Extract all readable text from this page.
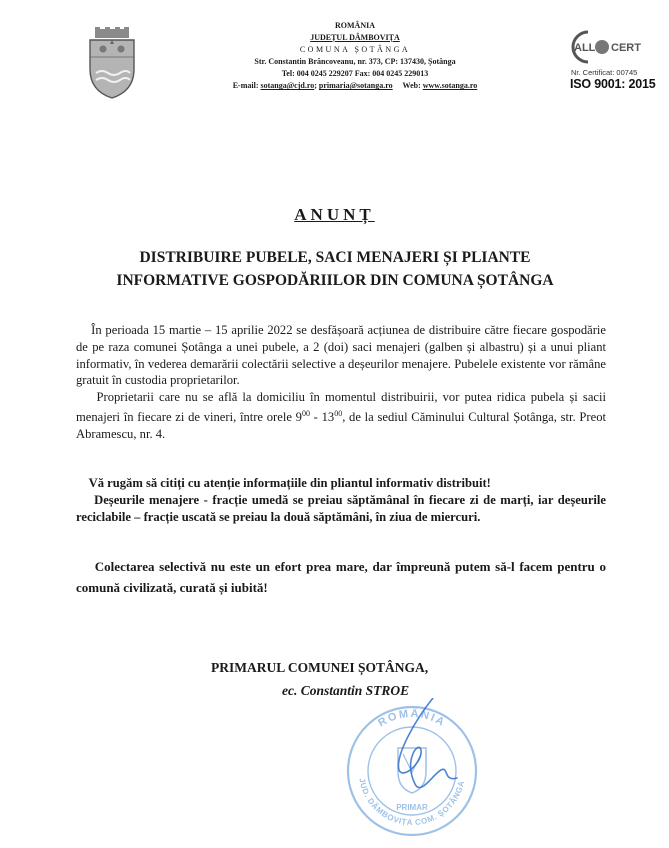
ROMÂNIA
JUDEȚUL DÂMBOVIȚA
COMUNA ȘOTÂNGA
Str. Constantin Brâncoveanu, nr. 373, CP: 137430, Șotânga
Tel: 004 0245 229207 Fax: 004 0245 229013
E-mail: sotanga@cjd.ro; primaria@sotanga.ro     Web: www.sotanga.ro
ALL CERT
Nr. Certificat: 00745
ISO 9001: 2015
ANUNȚ
DISTRIBUIRE PUBELE, SACI MENAJERI ȘI PLIANTE
INFORMATIVE GOSPODĂRIILOR DIN COMUNA ȘOTÂNGA

În perioada 15 martie – 15 aprilie 2022 se desfășoară acțiunea de distribuire către fiecare gospodărie de pe raza comunei Șotânga a unei pubele, a 2 (doi) saci menajeri (galben și albastru) și a unui pliant informativ, în vederea demarării colectării selective a deșeurilor menajere. Pubelele existente vor rămâne gratuit în custodia proprietarilor.

Proprietarii care nu se află la domiciliu în momentul distribuirii, vor putea ridica pubela și sacii menajeri în fiecare zi de vineri, între orele $9^{00} - 13^{00}$, de la sediul Căminului Cultural Șotânga, str. Preot Abramescu, nr. 4.

Vă rugăm să citiți cu atenție informațiile din pliantul informativ distribuit!
Deșeurile menajere - fracție umedă se preiau săptămânal în fiecare zi de marți, iar deșeurile reciclabile – fracție uscată se preiau la două săptămâni, în ziua de miercuri.
Colectarea selectivă nu este un efort prea mare, dar împreună putem să-l facem pentru o comună civilizată, curată și iubită!
PRIMARUL COMUNEI ȘOTÂNGA,
ec. Constantin STROE
ROMÂNIA
JUD. DÂMBOVIȚA COM. ȘOTÂNGA
PRIMAR
